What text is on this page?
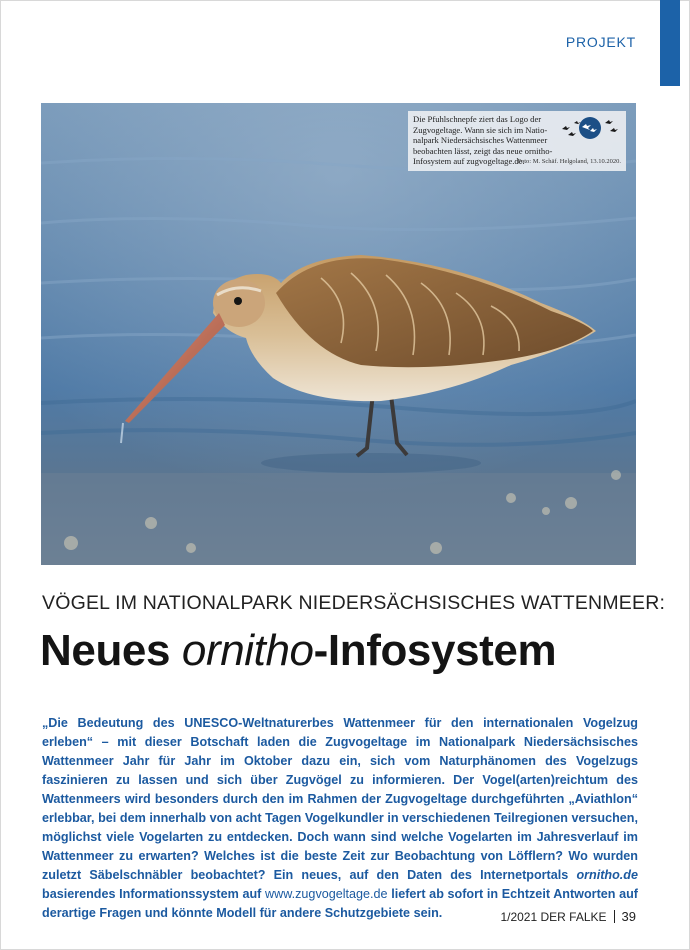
PROJEKT
Die Pfuhlschnepfe ziert das Logo der Zugvogeltage. Wann sie sich im Nationalpark Niedersächsisches Wattenmeer beobachten lässt, zeigt das neue ornitho-Infosystem auf zugvogeltage.de.
Foto: M. Schäf. Helgoland, 13.10.2020.
VÖGEL IM NATIONALPARK NIEDERSÄCHSISCHES WATTENMEER:
Neues ornitho-Infosystem
„Die Bedeutung des UNESCO-Weltnaturerbes Wattenmeer für den internationalen Vogelzug erleben“ – mit dieser Botschaft laden die Zugvogeltage im Nationalpark Niedersächsisches Wattenmeer Jahr für Jahr im Oktober dazu ein, sich vom Naturphänomen des Vogelzugs faszinieren zu lassen und sich über Zugvögel zu informieren. Der Vogel(arten)reichtum des Wattenmeers wird besonders durch den im Rahmen der Zugvogeltage durchgeführten „Aviathlon“ erlebbar, bei dem innerhalb von acht Tagen Vogelkundler in verschiedenen Teilregionen versuchen, möglichst viele Vogelarten zu entdecken. Doch wann sind welche Vogelarten im Jahresverlauf im Wattenmeer zu erwarten? Welches ist die beste Zeit zur Beobachtung von Löfflern? Wo wurden zuletzt Säbelschnäbler beobachtet? Ein neues, auf den Daten des Internetportals ornitho.de basierendes Informationssystem auf www.zugvogeltage.de liefert ab sofort in Echtzeit Antworten auf derartige Fragen und könnte Modell für andere Schutzgebiete sein.	1/2021 DER FALKE 39
